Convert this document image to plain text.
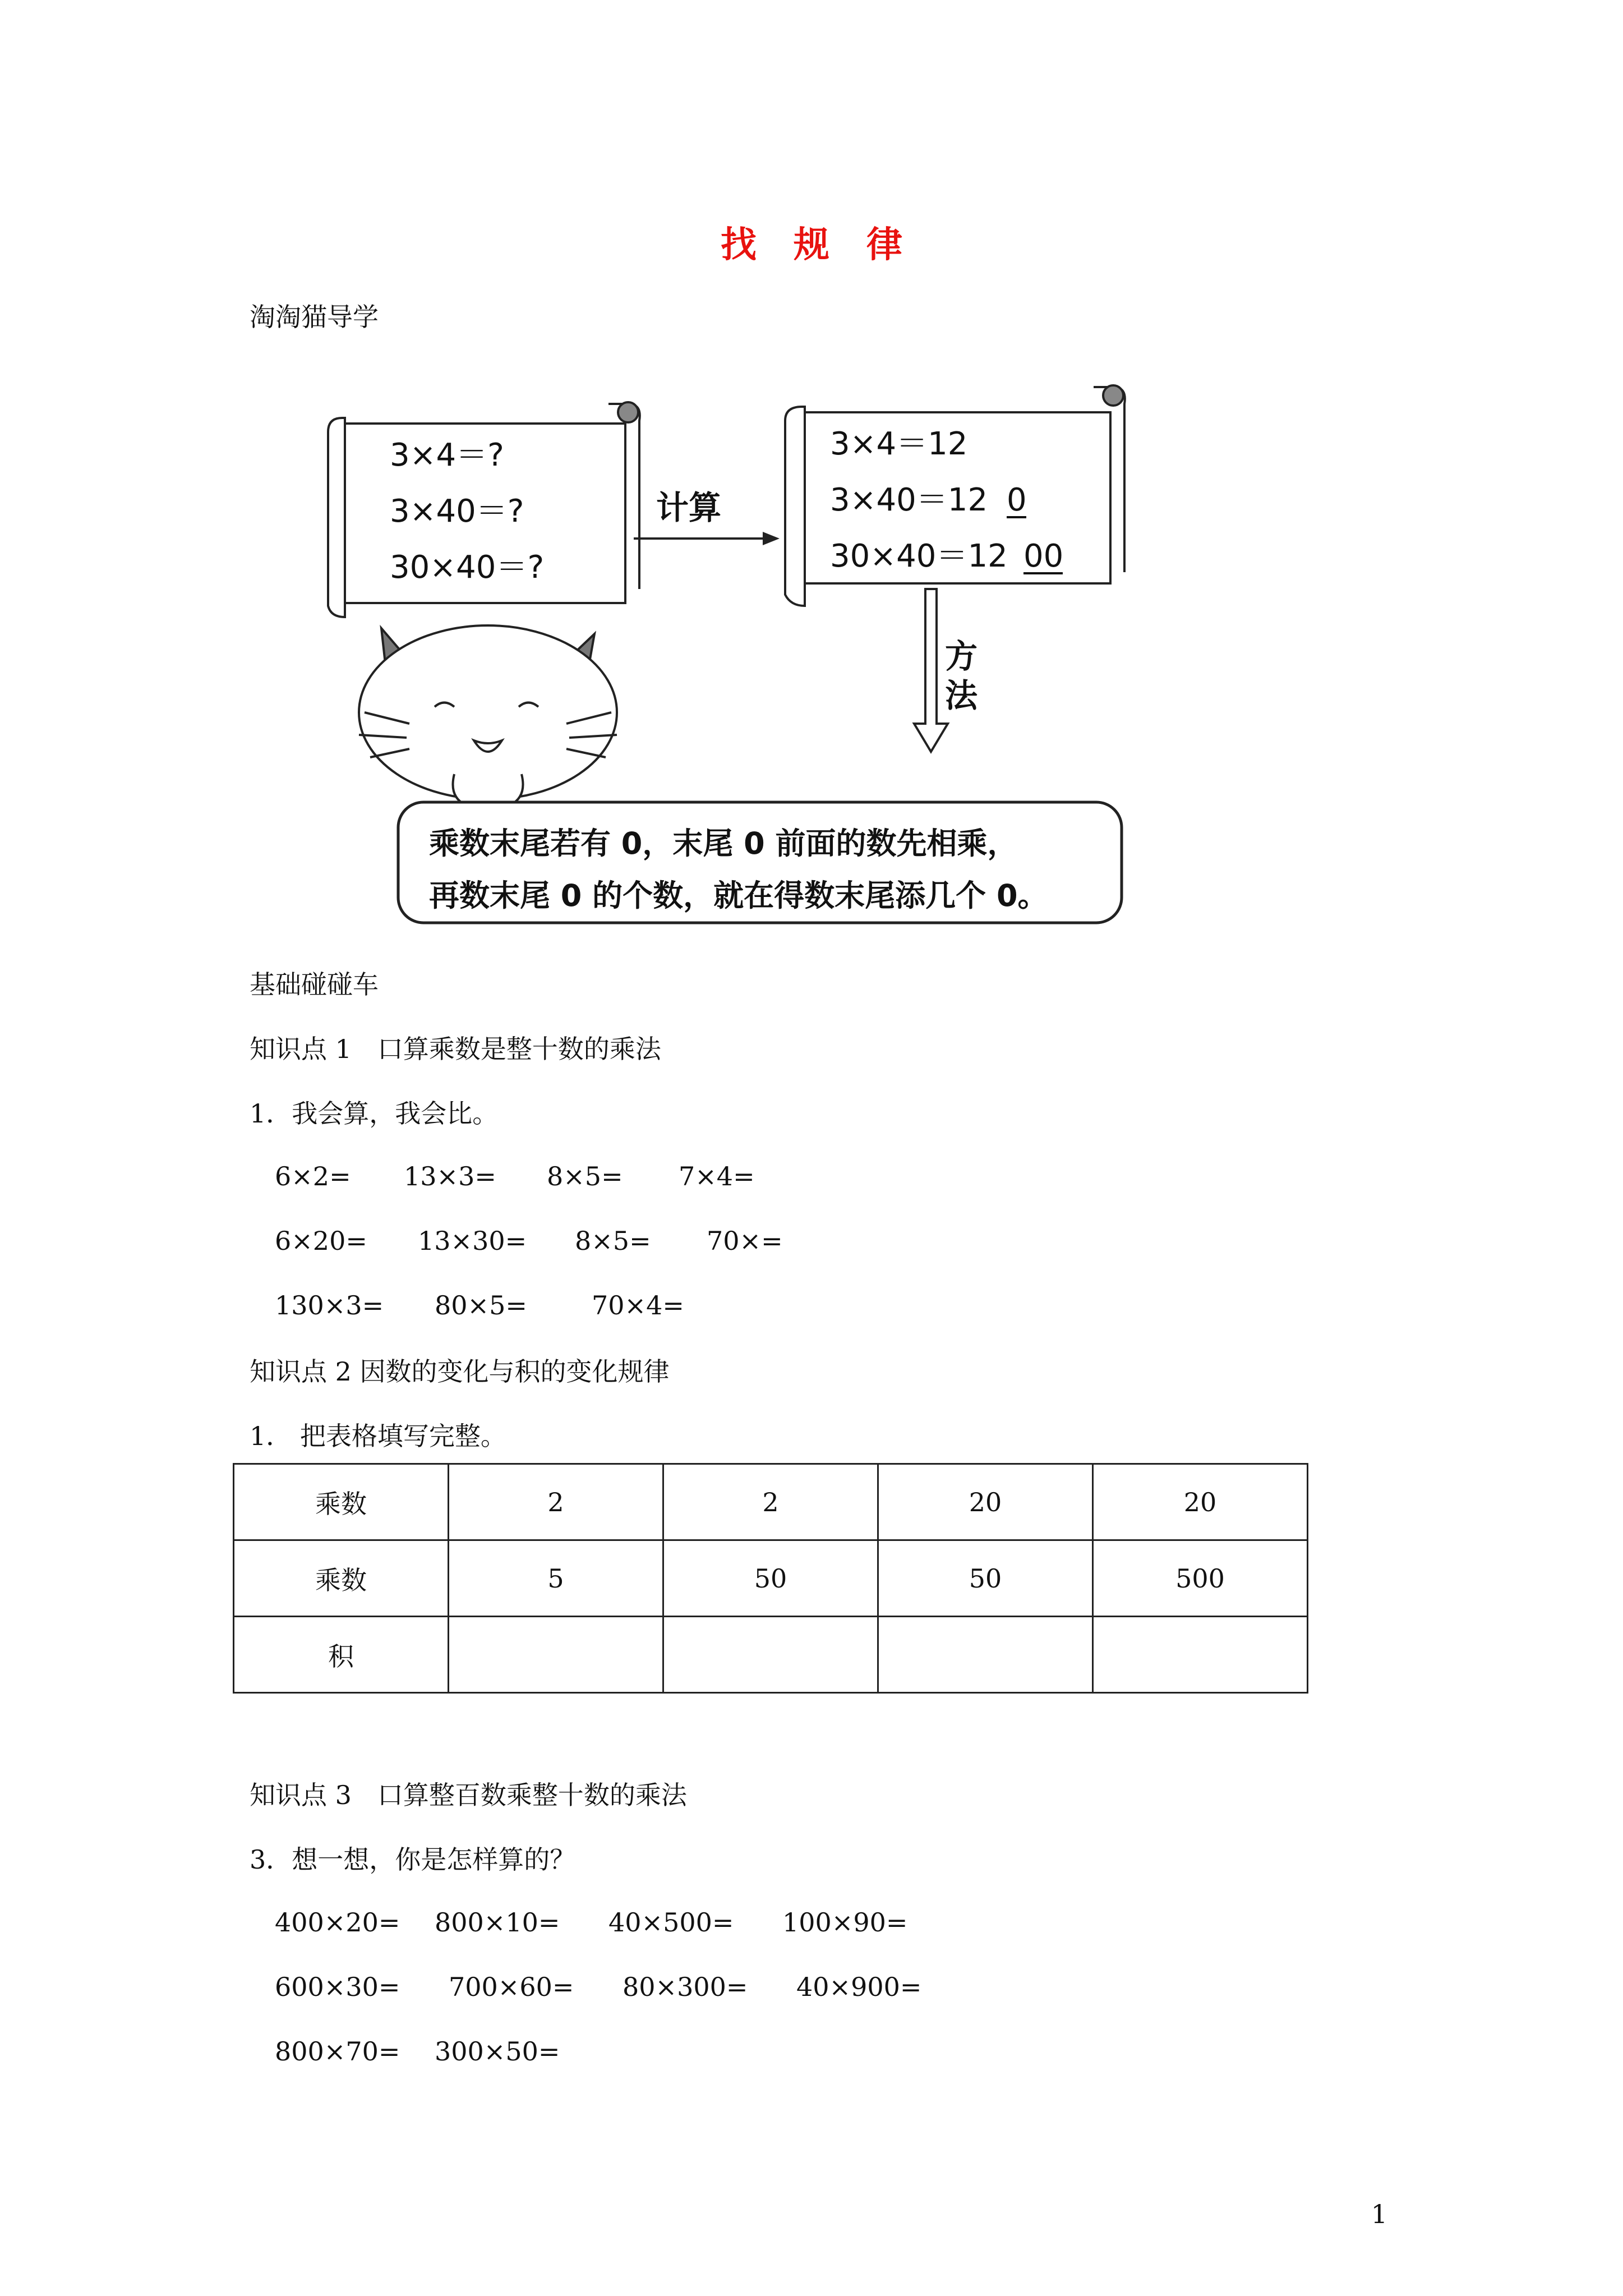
找规律
淘淘猫导学
3×4＝?
3×40＝?
30×40＝?
计算
3×4＝12
3×40＝12 0
30×40＝12 00
方
法
乘数末尾若有 0，末尾 0 前面的数先相乘，
再数末尾 0 的个数，就在得数末尾添几个 0。
基础碰碰车
知识点 1　口算乘数是整十数的乘法
1．我会算，我会比。
6×2= 13×3= 8×5= 7×4=
6×20= 13×30= 8×5= 70×=
130×3= 80×5=	70×4=
知识点 2 因数的变化与积的变化规律
1． 把表格填写完整。
乘数	2	2	20	20
乘数	5	50	50	500
积				
知识点 3　口算整百数乘整十数的乘法
3．想一想，你是怎样算的？
400×20= 800×10= 40×500= 100×90=
600×30= 700×60= 80×300= 40×900=
800×70= 300×50=
1
